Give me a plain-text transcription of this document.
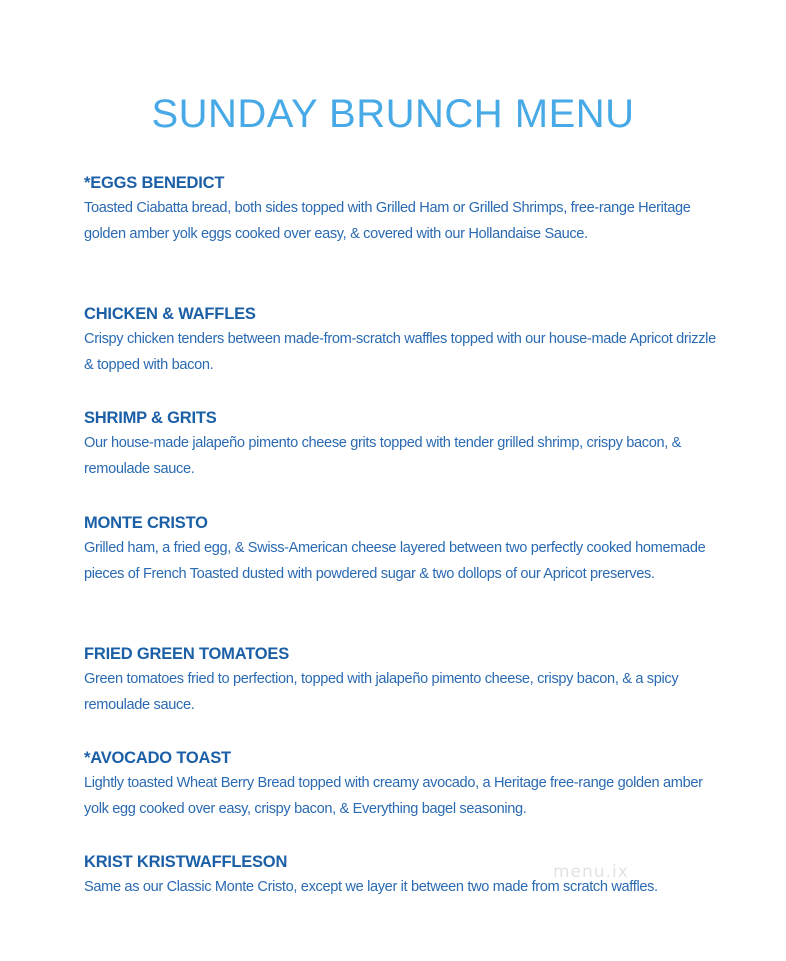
SUNDAY BRUNCH MENU
*EGGS BENEDICT
Toasted Ciabatta bread, both sides topped with Grilled Ham or Grilled Shrimps, free-range Heritage golden amber yolk eggs cooked over easy, & covered with our Hollandaise Sauce.
CHICKEN & WAFFLES
Crispy chicken tenders between made-from-scratch waffles topped with our house-made Apricot drizzle & topped with bacon.
SHRIMP & GRITS
Our house-made jalapeño pimento cheese grits topped with tender grilled shrimp, crispy bacon, & remoulade sauce.
MONTE CRISTO
Grilled ham, a fried egg, & Swiss-American cheese layered between two perfectly cooked homemade pieces of French Toasted dusted with powdered sugar & two dollops of our Apricot preserves.
FRIED GREEN TOMATOES
Green tomatoes fried to perfection, topped with jalapeño pimento cheese, crispy bacon, & a spicy remoulade sauce.
*AVOCADO TOAST
Lightly toasted Wheat Berry Bread topped with creamy avocado, a Heritage free-range golden amber yolk egg cooked over easy, crispy bacon, & Everything bagel seasoning.
KRIST KRISTWAFFLESON
Same as our Classic Monte Cristo, except we layer it between two made from scratch waffles.
menu.ix
